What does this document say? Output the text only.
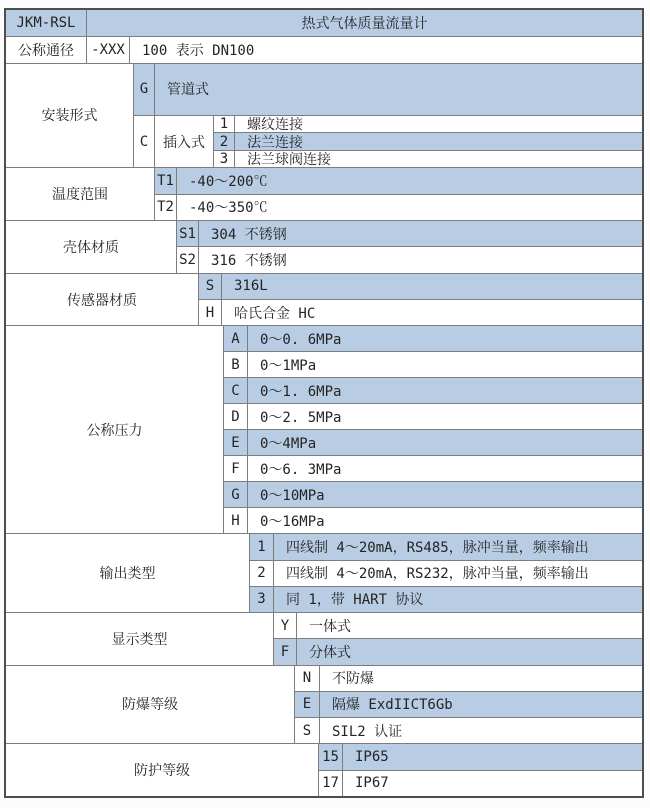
JKM-RSL	热式气体质量流量计
公称通径	-XXX	100 表示 DN100
安装形式
G	管道式
C	插入式
1	螺纹连接
2	法兰连接
3	法兰球阀连接
温度范围
T1	-40～200℃
T2	-40～350℃
壳体材质
S1	304 不锈钢
S2	316 不锈钢
传感器材质
S	316L
H	哈氏合金 HC
公称压力
A	0～0. 6MPa
B	0～1MPa
C	0～1. 6MPa
D	0～2. 5MPa
E	0～4MPa
F	0～6. 3MPa
G	0～10MPa
H	0～16MPa
输出类型
1	四线制 4～20mA，RS485，脉冲当量，频率输出
2	四线制 4～20mA，RS232，脉冲当量，频率输出
3	同 1，带 HART 协议
显示类型
Y	一体式
F	分体式
防爆等级
N	不防爆
E	隔爆 ExdIICT6Gb
S	SIL2 认证
防护等级
15	IP65
17	IP67
